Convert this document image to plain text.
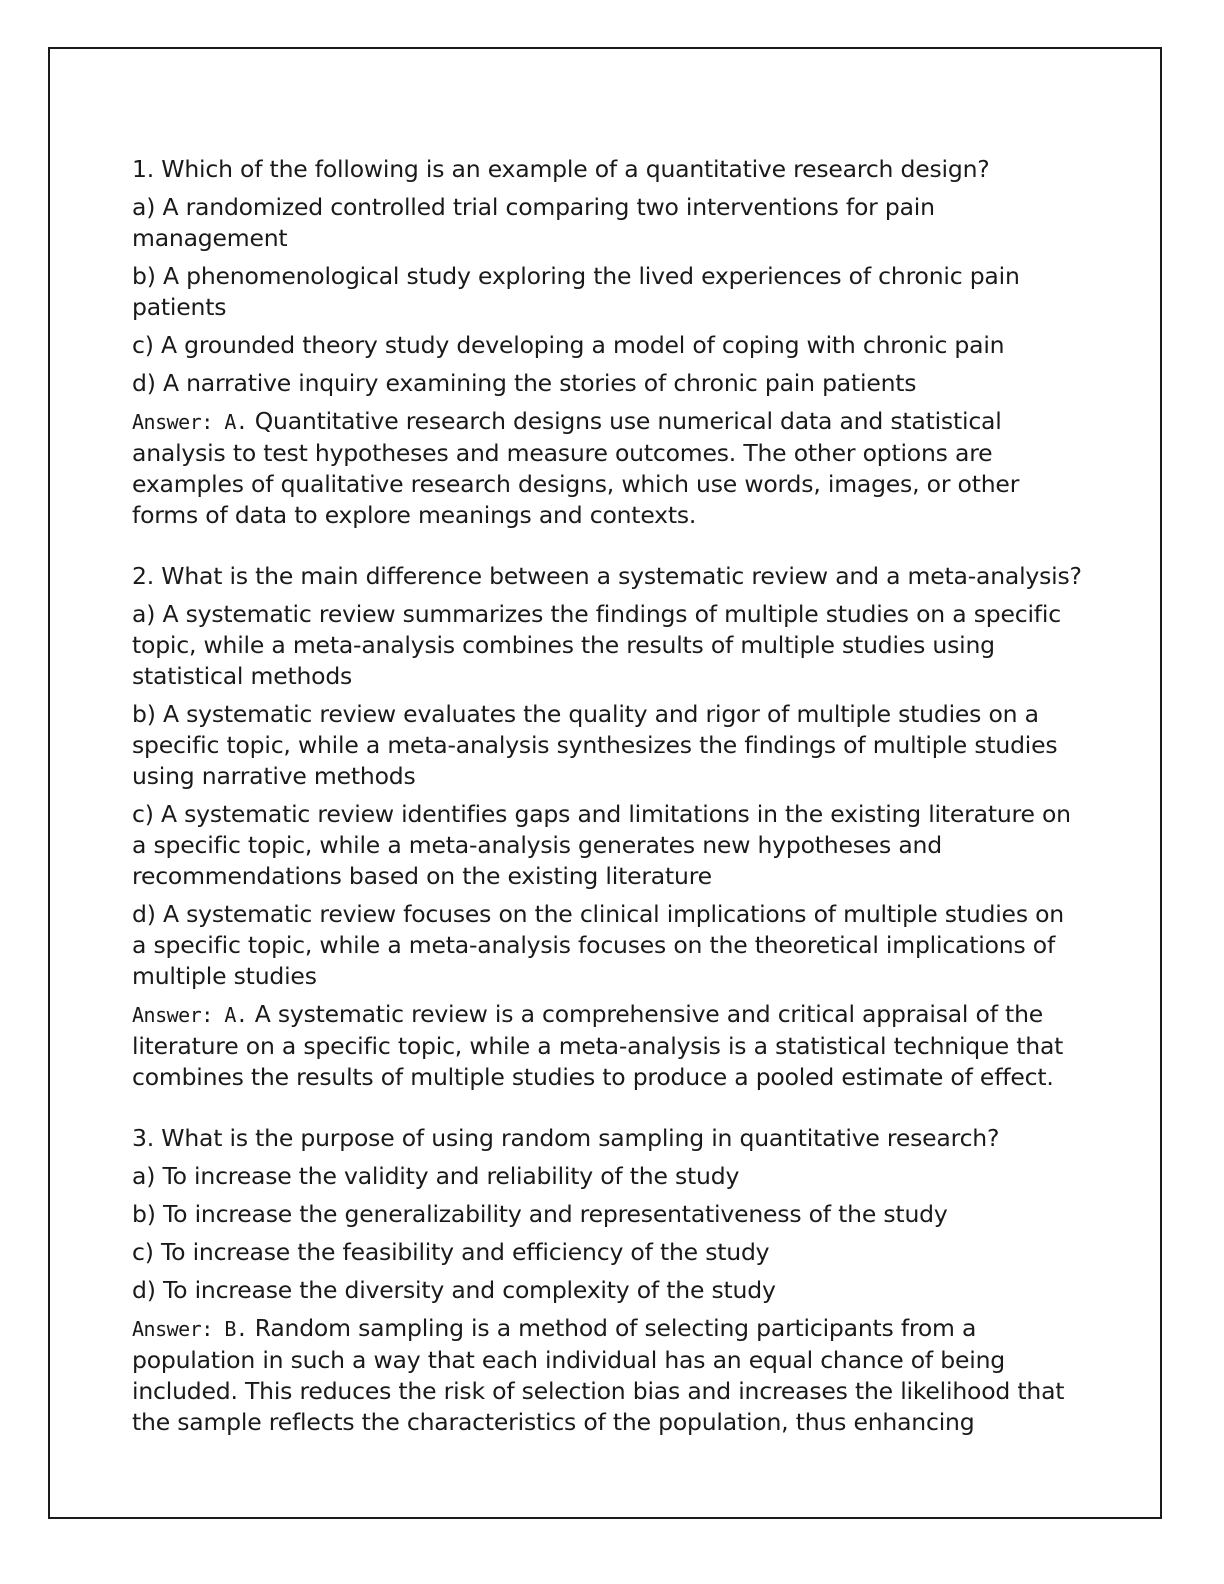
1. Which of the following is an example of a quantitative research design?

a) A randomized controlled trial comparing two interventions for pain management

b) A phenomenological study exploring the lived experiences of chronic pain patients

c) A grounded theory study developing a model of coping with chronic pain

d) A narrative inquiry examining the stories of chronic pain patients

Answer: A. Quantitative research designs use numerical data and statistical analysis to test hypotheses and measure outcomes. The other options are examples of qualitative research designs, which use words, images, or other forms of data to explore meanings and contexts.

2. What is the main difference between a systematic review and a meta-analysis?

a) A systematic review summarizes the findings of multiple studies on a specific topic, while a meta-analysis combines the results of multiple studies using statistical methods

b) A systematic review evaluates the quality and rigor of multiple studies on a specific topic, while a meta-analysis synthesizes the findings of multiple studies using narrative methods

c) A systematic review identifies gaps and limitations in the existing literature on a specific topic, while a meta-analysis generates new hypotheses and recommendations based on the existing literature

d) A systematic review focuses on the clinical implications of multiple studies on a specific topic, while a meta-analysis focuses on the theoretical implications of multiple studies

Answer: A. A systematic review is a comprehensive and critical appraisal of the literature on a specific topic, while a meta-analysis is a statistical technique that combines the results of multiple studies to produce a pooled estimate of effect.

3. What is the purpose of using random sampling in quantitative research?

a) To increase the validity and reliability of the study

b) To increase the generalizability and representativeness of the study

c) To increase the feasibility and efficiency of the study

d) To increase the diversity and complexity of the study

Answer: B. Random sampling is a method of selecting participants from a population in such a way that each individual has an equal chance of being included. This reduces the risk of selection bias and increases the likelihood that the sample reflects the characteristics of the population, thus enhancing
